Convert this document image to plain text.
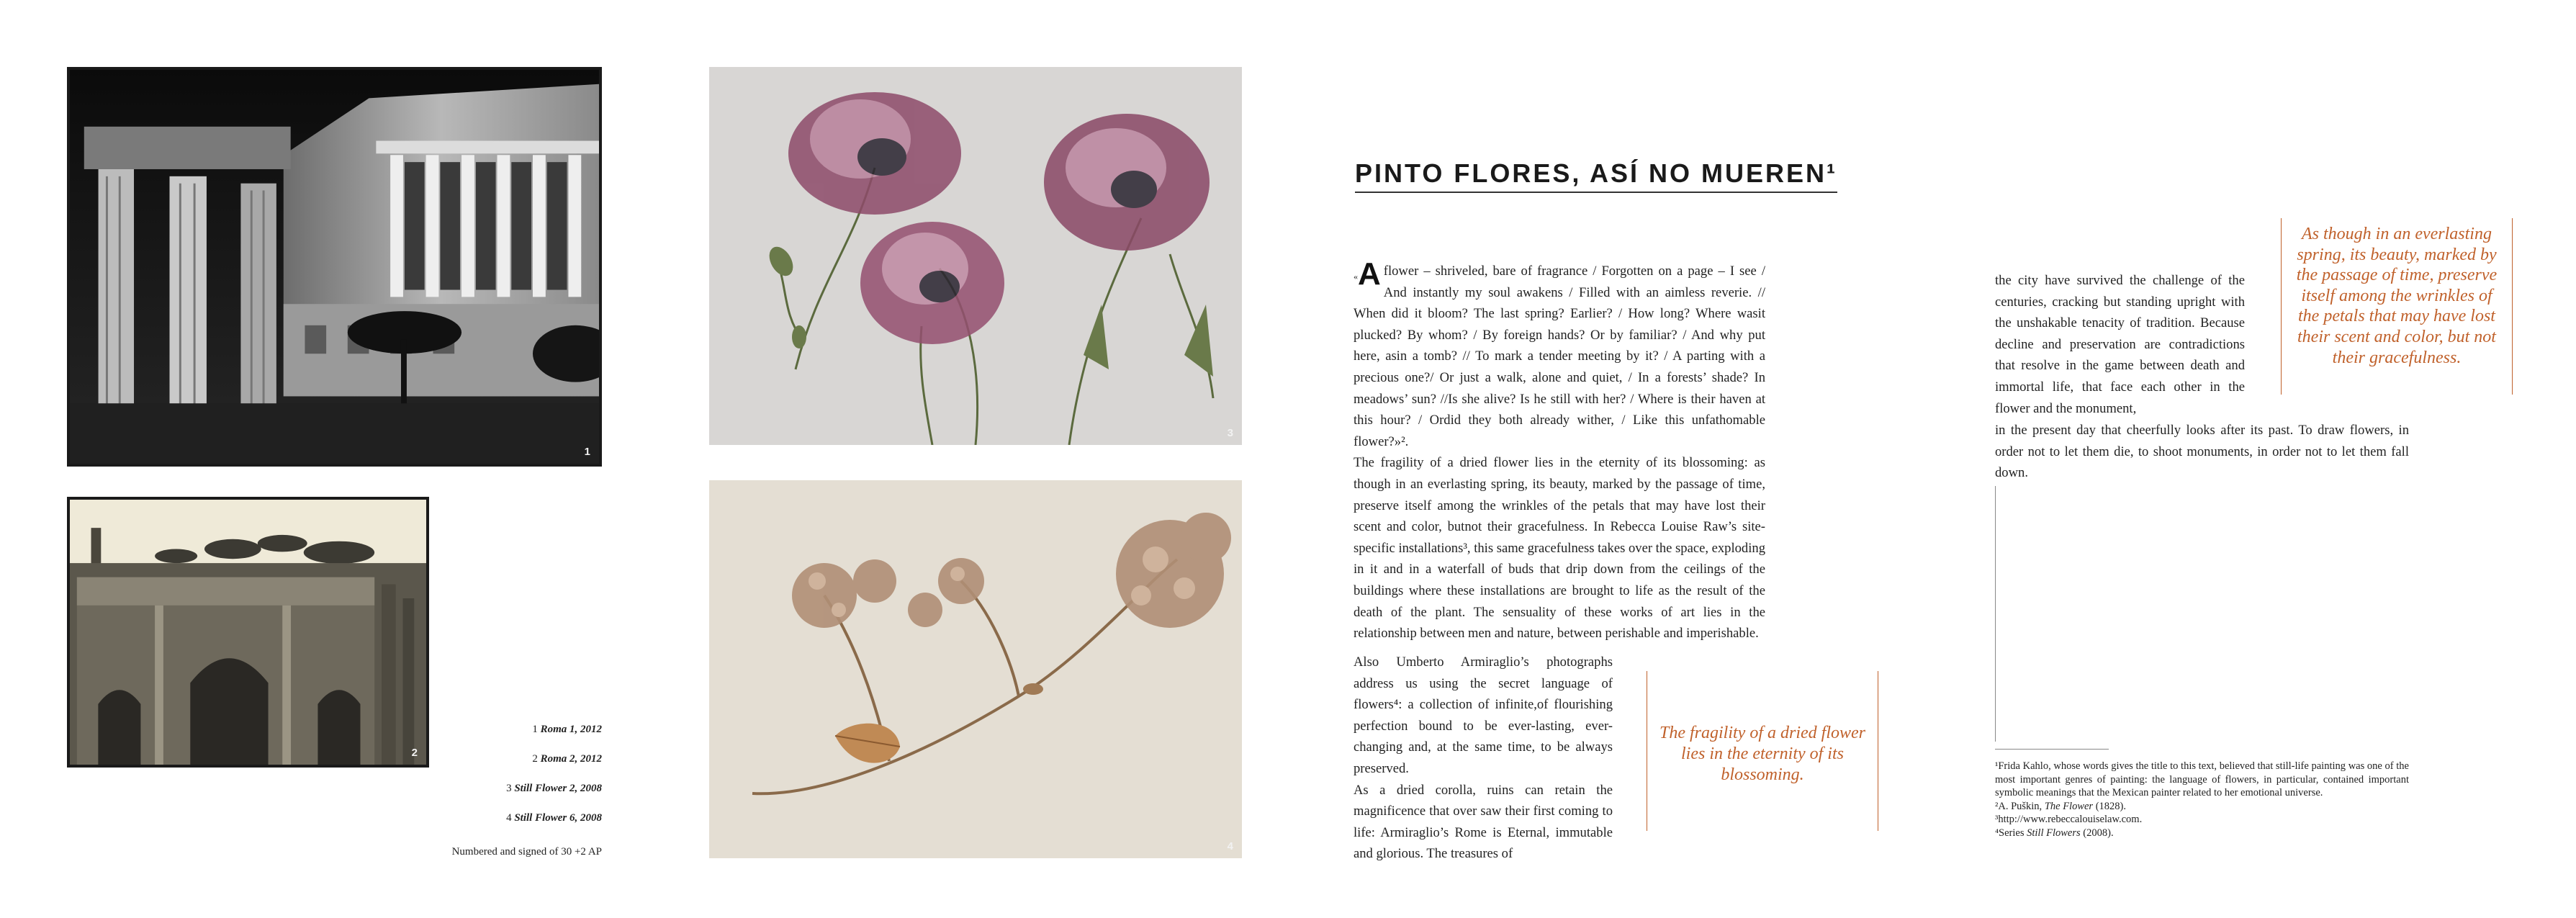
1
2
3
4
1 Roma 1, 2012
2 Roma 2, 2012
3 Still Flower 2, 2008
4 Still Flower 6, 2008
Numbered and signed of 30 +2 AP
PINTO FLORES, ASÍ NO MUEREN¹

« A flower – shriveled, bare of fragrance / Forgotten on a page – I see / And instantly my soul awakens / Filled with an aimless reverie. // When did it bloom? The last spring? Earlier? / How long? Where wasit plucked? By whom? / By foreign hands? Or by familiar? / And why put here, asin a tomb? // To mark a tender meeting by it? / A parting with a precious one?/ Or just a walk, alone and quiet, / In a forests’ shade? In meadows’ sun? //Is she alive? Is he still with her? / Where is their haven at this hour? / Ordid they both already wither, / Like this unfathomable flower?»².

The fragility of a dried flower lies in the eternity of its blossoming: as though in an everlasting spring, its beauty, marked by the passage of time, preserve itself among the wrinkles of the petals that may have lost their scent and color, butnot their gracefulness. In Rebecca Louise Raw’s site-specific installations³, this same gracefulness takes over the space, exploding in it and in a waterfall of buds that drip down from the ceilings of the buildings where these installations are brought to life as the result of the death of the plant. The sensuality of these works of art lies in the relationship between men and nature, between perishable and imperishable.

Also Umberto Armiraglio’s photographs address us using the secret language of flowers⁴: a collection of infinite,of flourishing perfection bound to be ever-lasting, ever-changing and, at the same time, to be always preserved.

As a dried corolla, ruins can retain the magnificence that over saw their first coming to life: Armiraglio’s Rome is Eternal, immutable and glorious. The treasures of

The fragility of a dried flower lies in the eternity of its blossoming.

the city have survived the challenge of the centuries, cracking but standing upright with the unshakable tenacity of tradition. Because decline and preservation are contradictions that resolve in the game between death and immortal life, that face each other in the flower and the monument,

in the present day that cheerfully looks after its past. To draw flowers, in order not to let them die, to shoot monuments, in order not to let them fall down.

As though in an everlasting spring, its beauty, marked by the passage of time, preserve itself among the wrinkles of the petals that may have lost their scent and color, but not their gracefulness.

¹Frida Kahlo, whose words gives the title to this text, believed that still-life painting was one of the most important genres of painting: the language of flowers, in particular, contained important symbolic meanings that the Mexican painter related to her emotional universe.

²A. Puškin, The Flower (1828).

³http://www.rebeccalouiselaw.com.

⁴Series Still Flowers (2008).
